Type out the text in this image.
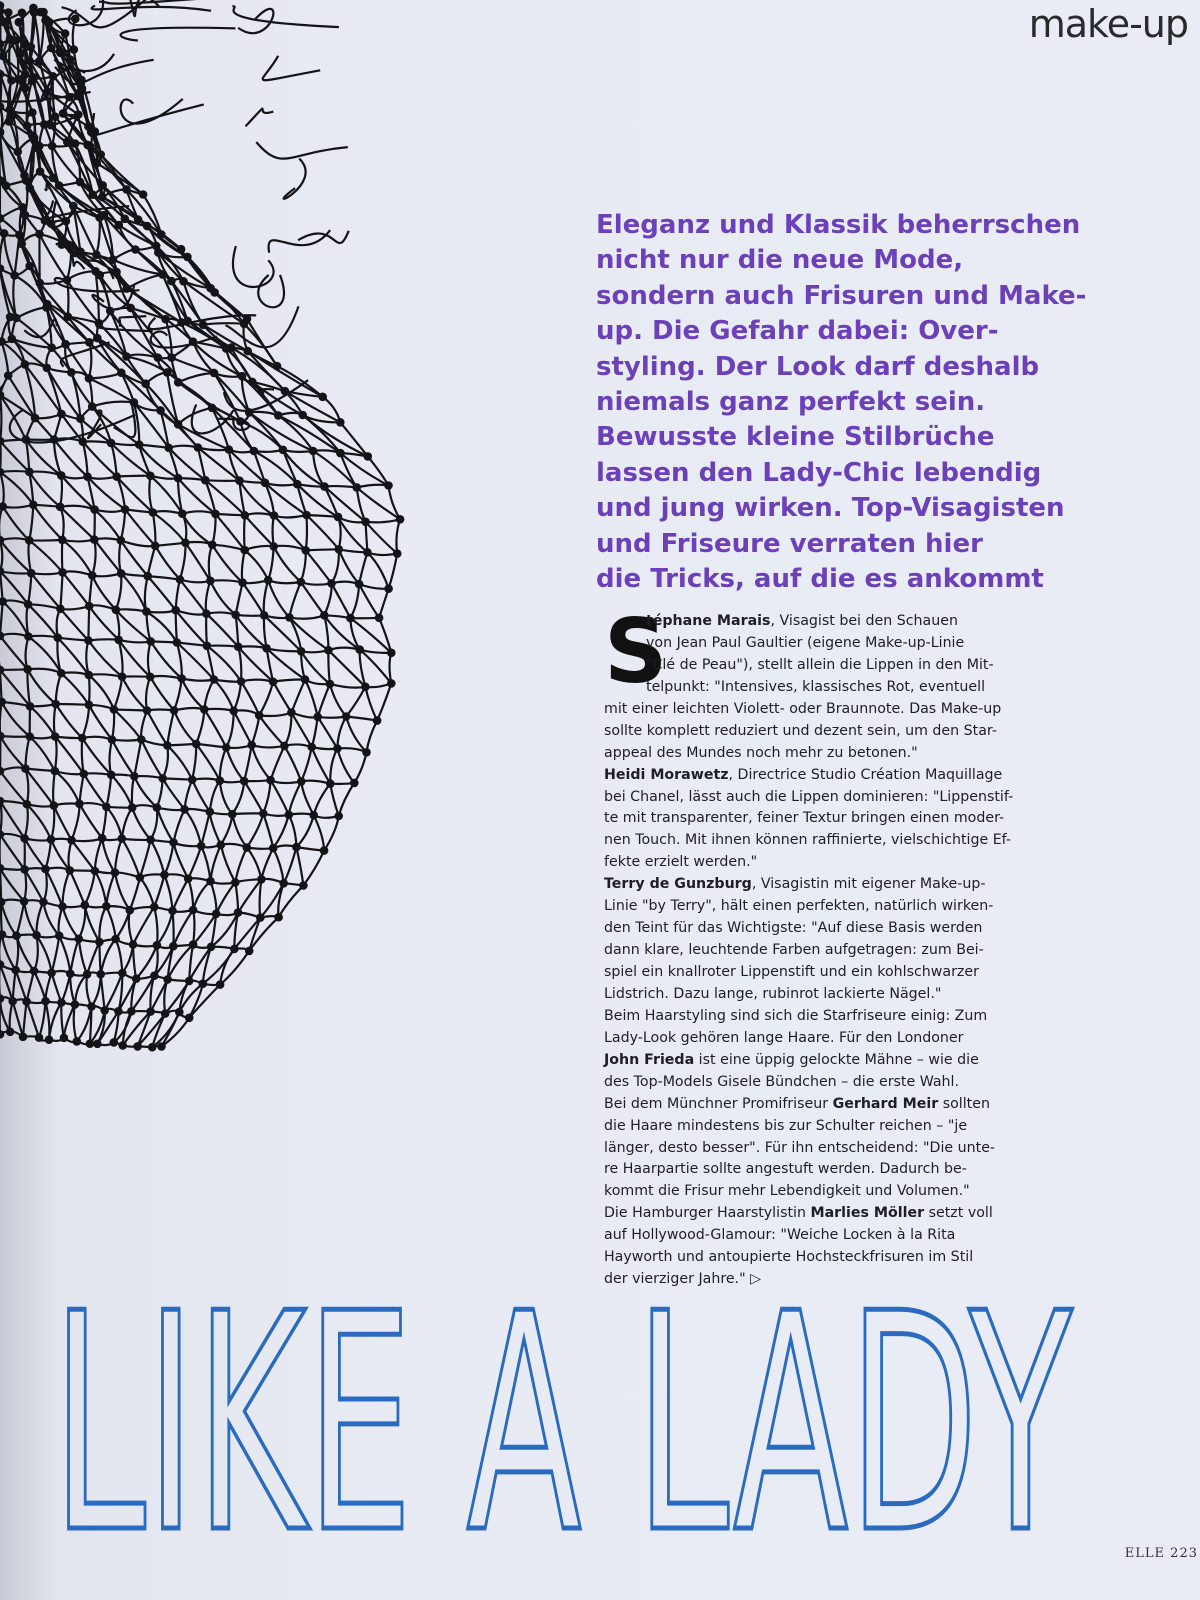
make-up

Eleganz und Klassik beherrschen
nicht nur die neue Mode,
sondern auch Frisuren und Make-
up. Die Gefahr dabei: Over-
styling. Der Look darf deshalb
niemals ganz perfekt sein.
Bewusste kleine Stilbrüche
lassen den Lady-Chic lebendig
und jung wirken. Top-Visagisten
und Friseure verraten hier
die Tricks, auf die es ankommt

S
téphane Marais, Visagist bei den Schauen
von Jean Paul Gaultier (eigene Make-up-Linie
"Clé de Peau"), stellt allein die Lippen in den Mit-
telpunkt: "Intensives, klassisches Rot, eventuell
mit einer leichten Violett- oder Braunnote. Das Make-up
sollte komplett reduziert und dezent sein, um den Star-
appeal des Mundes noch mehr zu betonen."
Heidi Morawetz, Directrice Studio Création Maquillage
bei Chanel, lässt auch die Lippen dominieren: "Lippenstif-
te mit transparenter, feiner Textur bringen einen moder-
nen Touch. Mit ihnen können raffinierte, vielschichtige Ef-
fekte erzielt werden."
Terry de Gunzburg, Visagistin mit eigener Make-up-
Linie "by Terry", hält einen perfekten, natürlich wirken-
den Teint für das Wichtigste: "Auf diese Basis werden
dann klare, leuchtende Farben aufgetragen: zum Bei-
spiel ein knallroter Lippenstift und ein kohlschwarzer
Lidstrich. Dazu lange, rubinrot lackierte Nägel."
Beim Haarstyling sind sich die Starfriseure einig: Zum
Lady-Look gehören lange Haare. Für den Londoner
John Frieda ist eine üppig gelockte Mähne – wie die
des Top-Models Gisele Bündchen – die erste Wahl.
Bei dem Münchner Promifriseur Gerhard Meir sollten
die Haare mindestens bis zur Schulter reichen – "je
länger, desto besser". Für ihn entscheidend: "Die unte-
re Haarpartie sollte angestuft werden. Dadurch be-
kommt die Frisur mehr Lebendigkeit und Volumen."
Die Hamburger Haarstylistin Marlies Möller setzt voll
auf Hollywood-Glamour: "Weiche Locken à la Rita
Hayworth und antoupierte Hochsteckfrisuren im Stil
der vierziger Jahre." ▷
LIKE A LADY	ELLE 223
